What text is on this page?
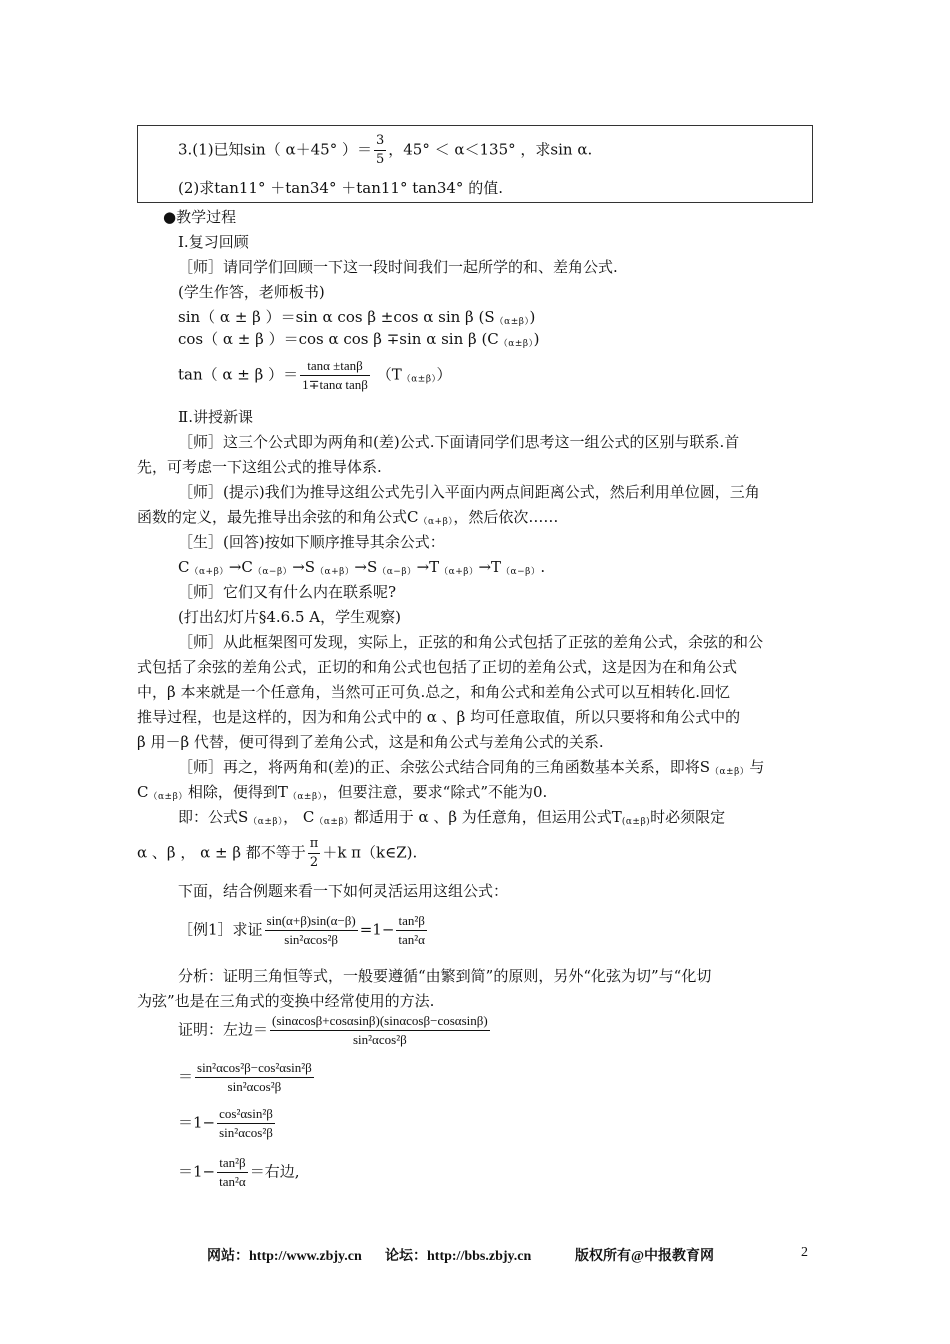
3.(1)已知sin（ α＋45° ）＝ $\frac{3}{5}$ ，45° ＜ α＜135° ，求sin α.
(2)求tan11° ＋tan34° ＋tan11° tan34° 的值.
●教学过程
Ⅰ.复习回顾
［师］请同学们回顾一下这一段时间我们一起所学的和、差角公式.
(学生作答，老师板书)
sin（ α ± β ）＝sin α cos β ±cos α sin β $(S_{(\alpha\pm\beta)})$
cos（ α ± β ）＝cos α cos β ∓sin α sin β $(C_{(\alpha\pm\beta)})$
tan（ α ± β ）＝ $\frac{\tan\alpha \pm\tan\beta}{\text{1∓tanα tanβ}} (T_{(\alpha\pm\beta)})$
Ⅱ.讲授新课
［师］这三个公式即为两角和(差)公式.下面请同学们思考这一组公式的区别与联系.首
先，可考虑一下这组公式的推导体系.
［师］(提示)我们为推导这组公式先引入平面内两点间距离公式，然后利用单位圆，三角
函数的定义，最先推导出余弦的和角公式$C_{(\alpha+\beta)}$，然后依次……
［生］(回答)按如下顺序推导其余公式：
$C_{(\alpha+\beta)}\to C_{(\alpha-\beta)}\to S_{(\alpha+\beta)}\to S_{(\alpha-\beta)}\to T_{(\alpha+\beta)}\to T_{(\alpha-\beta)}$.
［师］它们又有什么内在联系呢?
(打出幻灯片§4.6.5 A，学生观察)
［师］从此框架图可发现，实际上，正弦的和角公式包括了正弦的差角公式，余弦的和公
式包括了余弦的差角公式，正切的和角公式也包括了正切的差角公式，这是因为在和角公式
中，β 本来就是一个任意角，当然可正可负.总之，和角公式和差角公式可以互相转化.回忆
推导过程，也是这样的，因为和角公式中的 α 、β 均可任意取值，所以只要将和角公式中的
β 用－β 代替，便可得到了差角公式，这是和角公式与差角公式的关系.
［师］再之，将两角和(差)的正、余弦公式结合同角的三角函数基本关系，即将$S_{(\alpha\pm\beta)}$与
$C_{(\alpha\pm\beta)}$相除，便得到$T_{(\alpha\pm\beta)}$，但要注意，要求“除式”不能为0.
即：公式$S_{(\alpha\pm\beta)}$， $C_{(\alpha\pm\beta)}$都适用于 α 、β 为任意角，但运用公式$T_{(\alpha\pm\beta)}$时必须限定
α 、β ， α ± β 都不等于 $\frac{\pi}{2} +k$ π（k∈Z).
下面，结合例题来看一下如何灵活运用这组公式：
［例1］求证 $\frac{\sin(\alpha+\beta)\sin(\alpha-\beta)}{\text{sin²αcos²β}} =1- \frac{\text{tan²β}}{\text{tan²α}}$
分析：证明三角恒等式，一般要遵循“由繁到简”的原则，另外“化弦为切”与“化切
为弦”也是在三角式的变换中经常使用的方法.
证明：左边＝ $\frac{(\sin\alpha\cos\beta+\cos\alpha\sin\beta)(\sin\alpha\cos\beta-\cos\alpha\sin\beta)}{\text{sin²αcos²β}}$
＝ $\frac{\text{sin²αcos²β−cos²αsin²β}}{\text{sin²αcos²β}}$
$=1- \frac{\text{cos²αsin²β}}{\text{sin²αcos²β}}$
$=1- \frac{\text{tan²β}}{\text{tan²α}}$ ＝右边,
网站：http://www.zbjy.cn 论坛：http://bbs.zbjy.cn	版权所有@中报教育网	2
